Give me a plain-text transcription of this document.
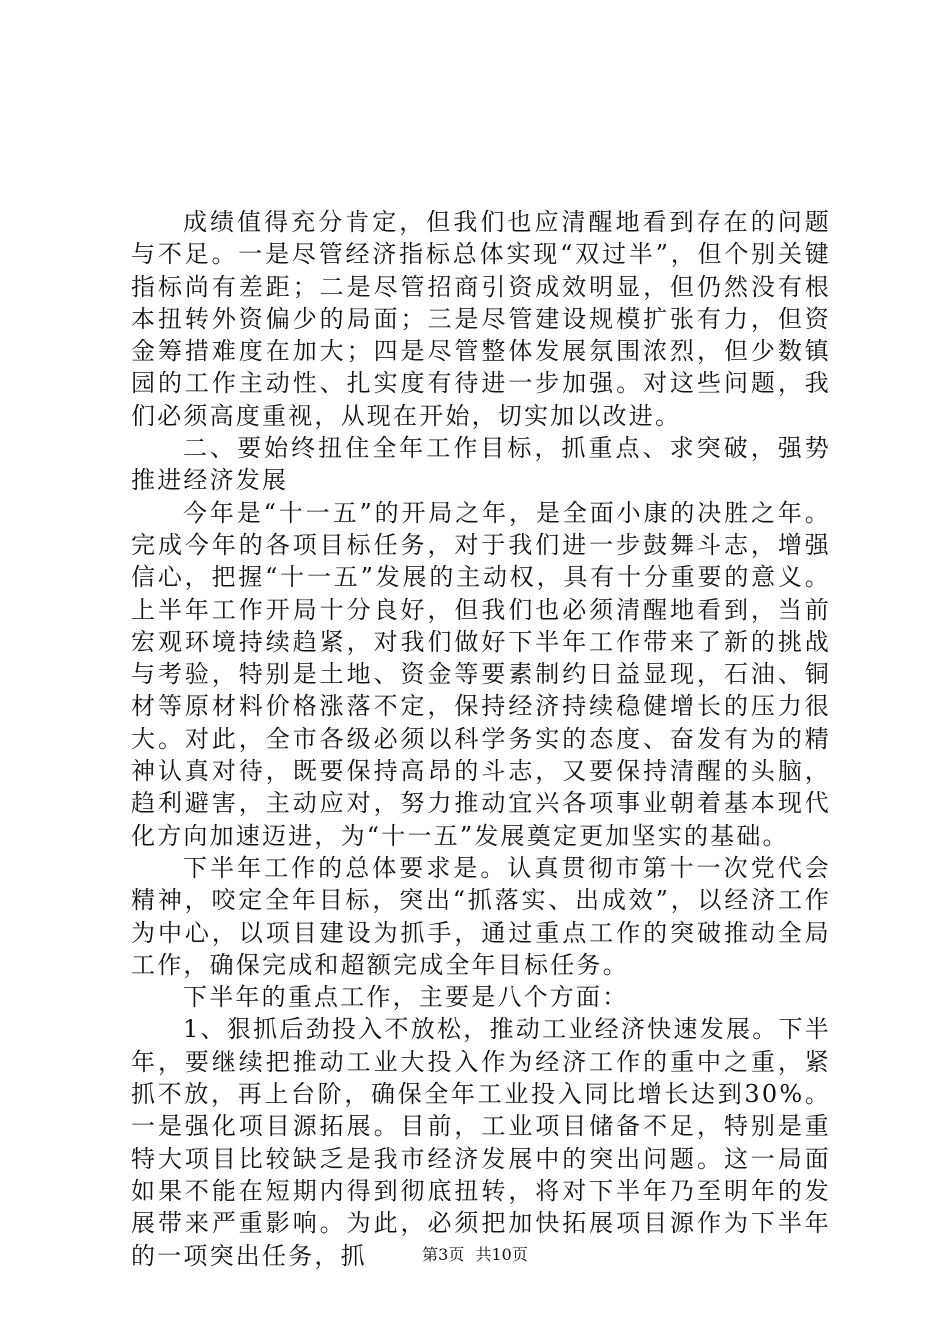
成绩值得充分肯定，但我们也应清醒地看到存在的问题与不足。一是尽管经济指标总体实现“双过半”，但个别关键指标尚有差距；二是尽管招商引资成效明显，但仍然没有根本扭转外资偏少的局面；三是尽管建设规模扩张有力，但资金筹措难度在加大；四是尽管整体发展氛围浓烈，但少数镇园的工作主动性、扎实度有待进一步加强。对这些问题，我们必须高度重视，从现在开始，切实加以改进。

二、要始终扭住全年工作目标，抓重点、求突破，强势推进经济发展

今年是“十一五”的开局之年，是全面小康的决胜之年。完成今年的各项目标任务，对于我们进一步鼓舞斗志，增强信心，把握“十一五”发展的主动权，具有十分重要的意义。上半年工作开局十分良好，但我们也必须清醒地看到，当前宏观环境持续趋紧，对我们做好下半年工作带来了新的挑战与考验，特别是土地、资金等要素制约日益显现，石油、铜材等原材料价格涨落不定，保持经济持续稳健增长的压力很大。对此，全市各级必须以科学务实的态度、奋发有为的精神认真对待，既要保持高昂的斗志，又要保持清醒的头脑，趋利避害，主动应对，努力推动宜兴各项事业朝着基本现代化方向加速迈进，为“十一五”发展奠定更加坚实的基础。

下半年工作的总体要求是。认真贯彻市第十一次党代会精神，咬定全年目标，突出“抓落实、出成效”，以经济工作为中心，以项目建设为抓手，通过重点工作的突破推动全局工作，确保完成和超额完成全年目标任务。

下半年的重点工作，主要是八个方面：

1、狠抓后劲投入不放松，推动工业经济快速发展。下半年，要继续把推动工业大投入作为经济工作的重中之重，紧抓不放，再上台阶，确保全年工业投入同比增长达到30%。一是强化项目源拓展。目前，工业项目储备不足，特别是重特大项目比较缺乏是我市经济发展中的突出问题。这一局面如果不能在短期内得到彻底扭转，将对下半年乃至明年的发展带来严重影响。为此，必须把加快拓展项目源作为下半年的一项突出任务，抓	第3页 共10页
